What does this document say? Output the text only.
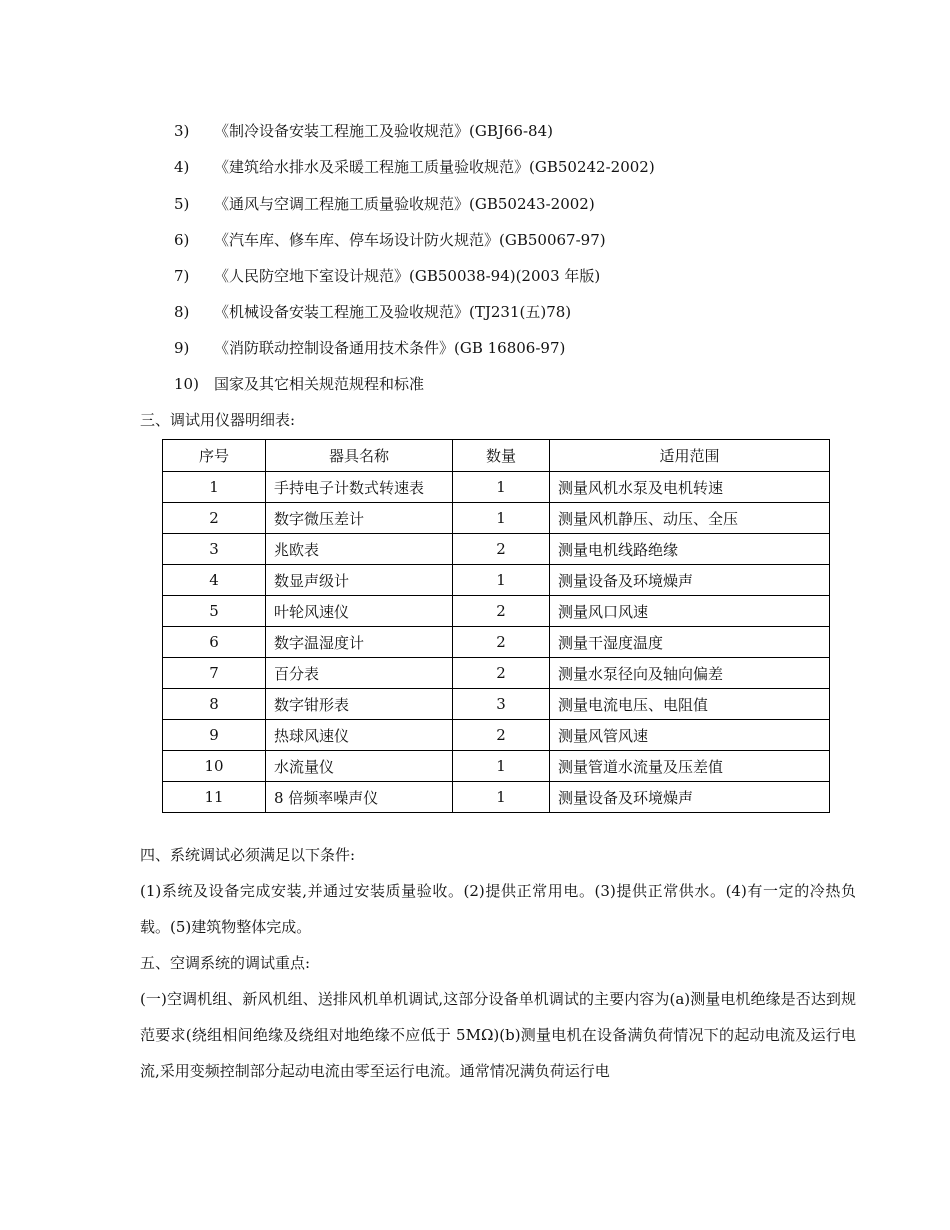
3) 《制冷设备安装工程施工及验收规范》(GBJ66-84)
4) 《建筑给水排水及采暖工程施工质量验收规范》(GB50242-2002)
5) 《通风与空调工程施工质量验收规范》(GB50243-2002)
6) 《汽车库、修车库、停车场设计防火规范》(GB50067-97)
7) 《人民防空地下室设计规范》(GB50038-94)(2003 年版)
8) 《机械设备安装工程施工及验收规范》(TJ231(五)78)
9) 《消防联动控制设备通用技术条件》(GB 16806-97)
10) 国家及其它相关规范规程和标准
三、调试用仪器明细表:
序号	器具名称	数量	适用范围
1	手持电子计数式转速表	1	测量风机水泵及电机转速
2	数字微压差计	1	测量风机静压、动压、全压
3	兆欧表	2	测量电机线路绝缘
4	数显声级计	1	测量设备及环境燥声
5	叶轮风速仪	2	测量风口风速
6	数字温湿度计	2	测量干湿度温度
7	百分表	2	测量水泵径向及轴向偏差
8	数字钳形表	3	测量电流电压、电阻值
9	热球风速仪	2	测量风管风速
10	水流量仪	1	测量管道水流量及压差值
11	8 倍频率噪声仪	1	测量设备及环境燥声
四、系统调试必须满足以下条件:
(1)系统及设备完成安装,并通过安装质量验收。(2)提供正常用电。(3)提供正常供水。(4)有一定的冷热负载。(5)建筑物整体完成。
五、空调系统的调试重点:
(一)空调机组、新风机组、送排风机单机调试,这部分设备单机调试的主要内容为(a)测量电机绝缘是否达到规范要求(绕组相间绝缘及绕组对地绝缘不应低于 5MΩ)(b)测量电机在设备满负荷情况下的起动电流及运行电流,采用变频控制部分起动电流由零至运行电流。通常情况满负荷运行电
